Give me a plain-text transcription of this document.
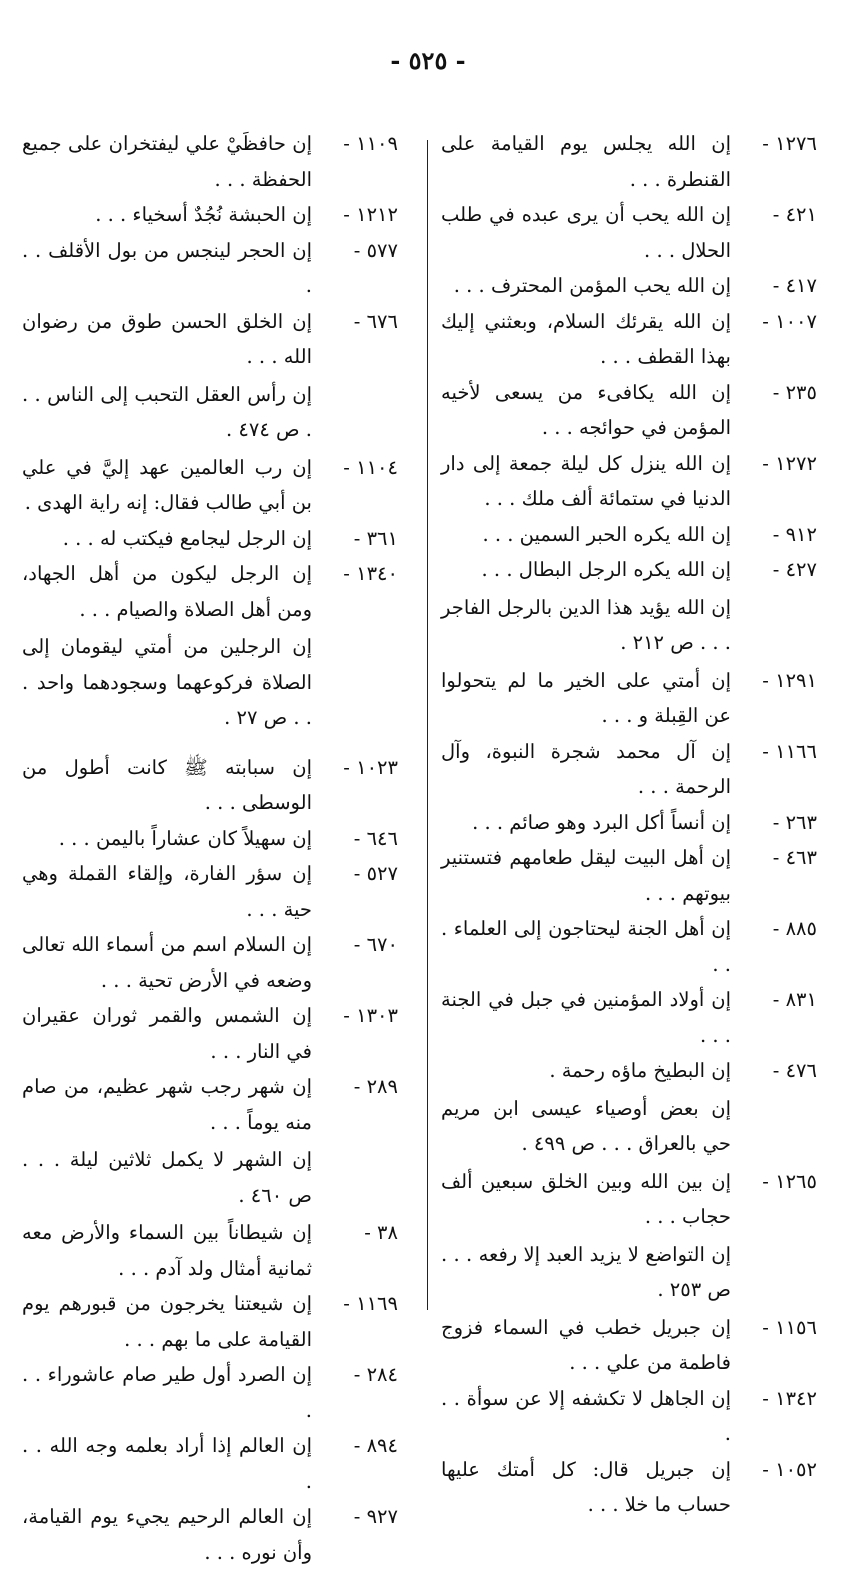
- ٥٢٥ -
١٢٧٦ -
إن الله يجلس يوم القيامة على القنطرة . . .
٤٢١ -
إن الله يحب أن يرى عبده في طلب الحلال . . .
٤١٧ -
إن الله يحب المؤمن المحترف . . .
١٠٠٧ -
إن الله يقرئك السلام، وبعثني إليك بهذا القطف . . .
٢٣٥ -
إن الله يكافىء من يسعى لأخيه المؤمن في حوائجه . . .
١٢٧٢ -
إن الله ينزل كل ليلة جمعة إلى دار الدنيا في ستمائة ألف ملك . . .
٩١٢ -
إن الله يكره الحبر السمين . . .
٤٢٧ -
إن الله يكره الرجل البطال . . .
إن الله يؤيد هذا الدين بالرجل الفاجر . . . ص ٢١٢ .
١٢٩١ -
إن أمتي على الخير ما لم يتحولوا عن القِبلة و . . .
١١٦٦ -
إن آل محمد شجرة النبوة، وآل الرحمة . . .
٢٦٣ -
إن أنساً أكل البرد وهو صائم . . .
٤٦٣ -
إن أهل البيت ليقل طعامهم فتستنير بيوتهم . . .
٨٨٥ -
إن أهل الجنة ليحتاجون إلى العلماء . . .
٨٣١ -
إن أولاد المؤمنين في جبل في الجنة . . .
٤٧٦ -
إن البطيخ ماؤه رحمة .
إن بعض أوصياء عيسى ابن مريم حي بالعراق . . . ص ٤٩٩ .
١٢٦٥ -
إن بين الله وبين الخلق سبعين ألف حجاب . . .
إن التواضع لا يزيد العبد إلا رفعه . . . ص ٢٥٣ .
١١٥٦ -
إن جبريل خطب في السماء فزوج فاطمة من علي . . .
١٣٤٢ -
إن الجاهل لا تكشفه إلا عن سوأة . . .
١٠٥٢ -
إن جبريل قال: كل أمتك عليها حساب ما خلا . . .
١١٠٩ -
إن حافظَيْ علي ليفتخران على جميع الحفظة . . .
١٢١٢ -
إن الحبشة نُجُدٌ أسخياء . . .
٥٧٧ -
إن الحجر لينجس من بول الأقلف . . .
٦٧٦ -
إن الخلق الحسن طوق من رضوان الله . . .
إن رأس العقل التحبب إلى الناس . . . ص ٤٧٤ .
١١٠٤ -
إن رب العالمين عهد إليَّ في علي بن أبي طالب فقال: إنه راية الهدى .
٣٦١ -
إن الرجل ليجامع فيكتب له . . .
١٣٤٠ -
إن الرجل ليكون من أهل الجهاد، ومن أهل الصلاة والصيام . . .
إن الرجلين من أمتي ليقومان إلى الصلاة فركوعهما وسجودهما واحد . . . ص ٢٧ .
١٠٢٣ -
إن سبابته ﷺ كانت أطول من الوسطى . . .
٦٤٦ -
إن سهيلاً كان عشاراً باليمن . . .
٥٢٧ -
إن سؤر الفارة، وإلقاء القملة وهي حية . . .
٦٧٠ -
إن السلام اسم من أسماء الله تعالى وضعه في الأرض تحية . . .
١٣٠٣ -
إن الشمس والقمر ثوران عقيران في النار . . .
٢٨٩ -
إن شهر رجب شهر عظيم، من صام منه يوماً . . .
إن الشهر لا يكمل ثلاثين ليلة . . . ص ٤٦٠ .
٣٨ -
إن شيطاناً بين السماء والأرض معه ثمانية أمثال ولد آدم . . .
١١٦٩ -
إن شيعتنا يخرجون من قبورهم يوم القيامة على ما بهم . . .
٢٨٤ -
إن الصرد أول طير صام عاشوراء . . .
٨٩٤ -
إن العالم إذا أراد بعلمه وجه الله . . .
٩٢٧ -
إن العالم الرحيم يجيء يوم القيامة، وأن نوره . . .
